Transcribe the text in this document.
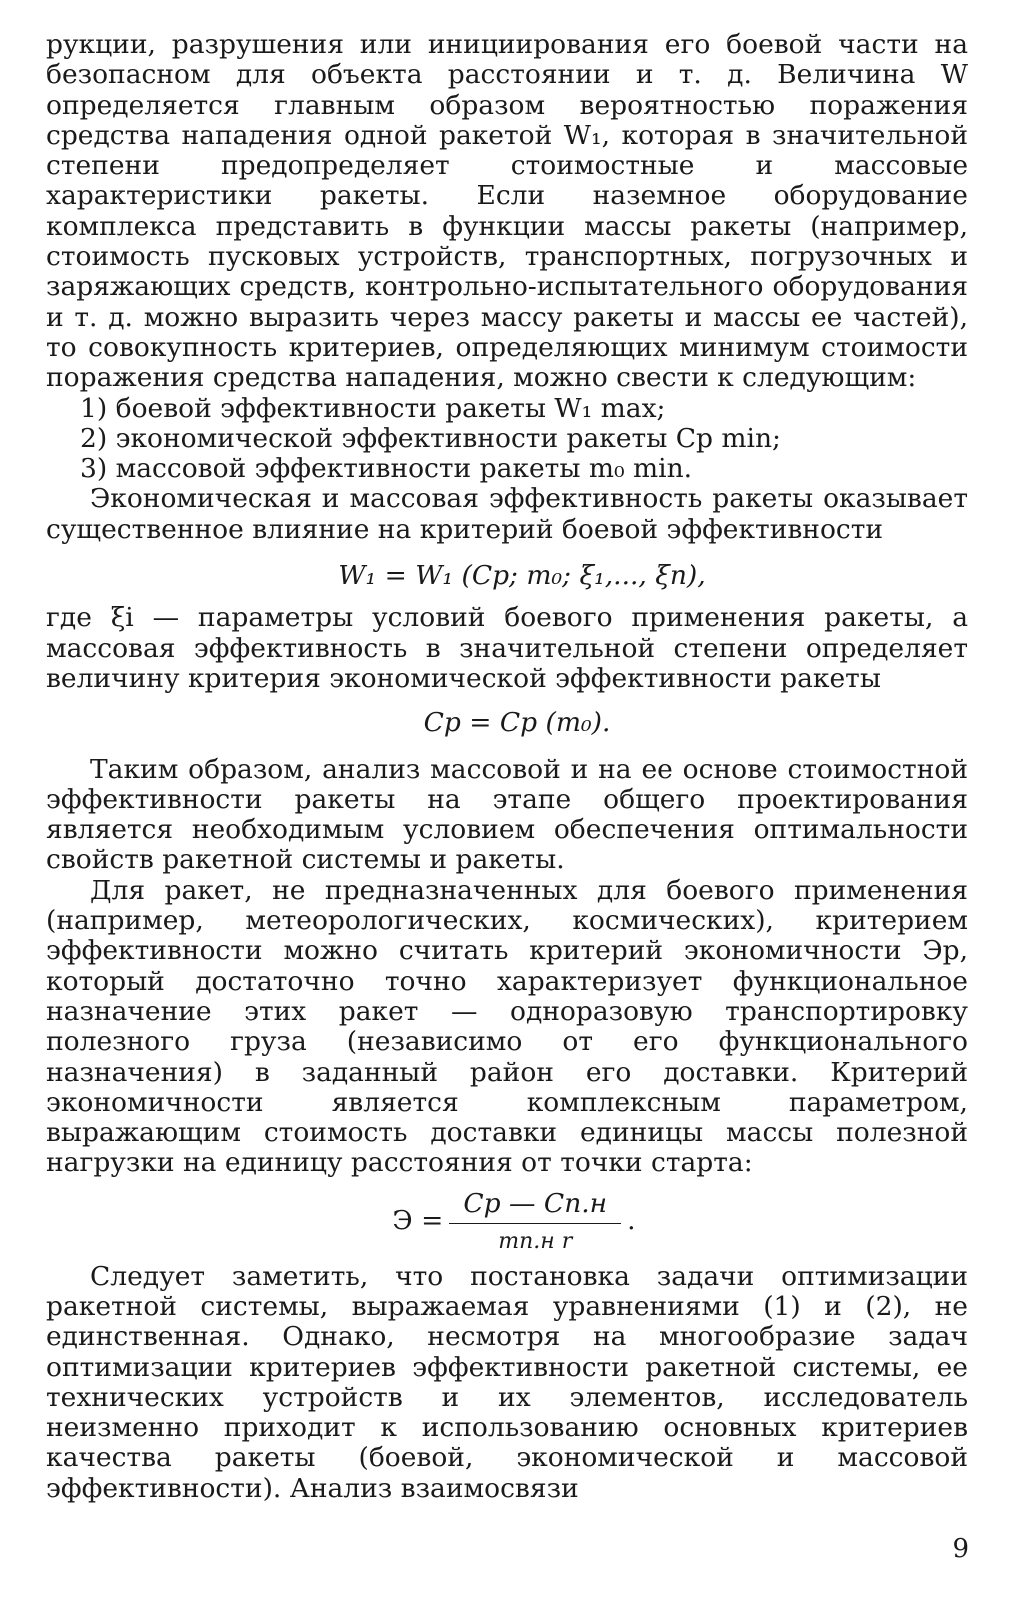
рукции, разрушения или инициирования его боевой части на безопасном для объекта расстоянии и т. д. Величина W определяется главным образом вероятностью поражения средства нападения одной ракетой W₁, которая в значительной степени предопределяет стоимостные и массовые характеристики ракеты. Если наземное оборудование комплекса представить в функции массы ракеты (например, стоимость пусковых устройств, транспортных, погрузочных и заряжающих средств, контрольно-испытательного оборудования и т. д. можно выразить через массу ракеты и массы ее частей), то совокупность критериев, определяющих минимум стоимости поражения средства нападения, можно свести к следующим:

1) боевой эффективности ракеты W₁ max;

2) экономической эффективности ракеты Cp min;

3) массовой эффективности ракеты m₀ min.

Экономическая и массовая эффективность ракеты оказывает существенное влияние на критерий боевой эффективности

W₁ = W₁ (Cp; m₀; ξ₁,..., ξn),

где ξi — параметры условий боевого применения ракеты, а массовая эффективность в значительной степени определяет величину критерия экономической эффективности ракеты

Cp = Cp (m₀).

Таким образом, анализ массовой и на ее основе стоимостной эффективности ракеты на этапе общего проектирования является необходимым условием обеспечения оптимальности свойств ракетной системы и ракеты.

Для ракет, не предназначенных для боевого применения (например, метеорологических, космических), критерием эффективности можно считать критерий экономичности Эр, который достаточно точно характеризует функциональное назначение этих ракет — одноразовую транспортировку полезного груза (независимо от его функционального назначения) в заданный район его доставки. Критерий экономичности является комплексным параметром, выражающим стоимость доставки единицы массы полезной нагрузки на единицу расстояния от точки старта:

$Э = \frac{Cp — Cп.н}{\text{mп.н r}}$ .

Следует заметить, что постановка задачи оптимизации ракетной системы, выражаемая уравнениями (1) и (2), не единственная. Однако, несмотря на многообразие задач оптимизации критериев эффективности ракетной системы, ее технических устройств и их элементов, исследователь неизменно приходит к использованию основных критериев качества ракеты (боевой, экономической и массовой эффективности). Анализ взаимосвязи

9
